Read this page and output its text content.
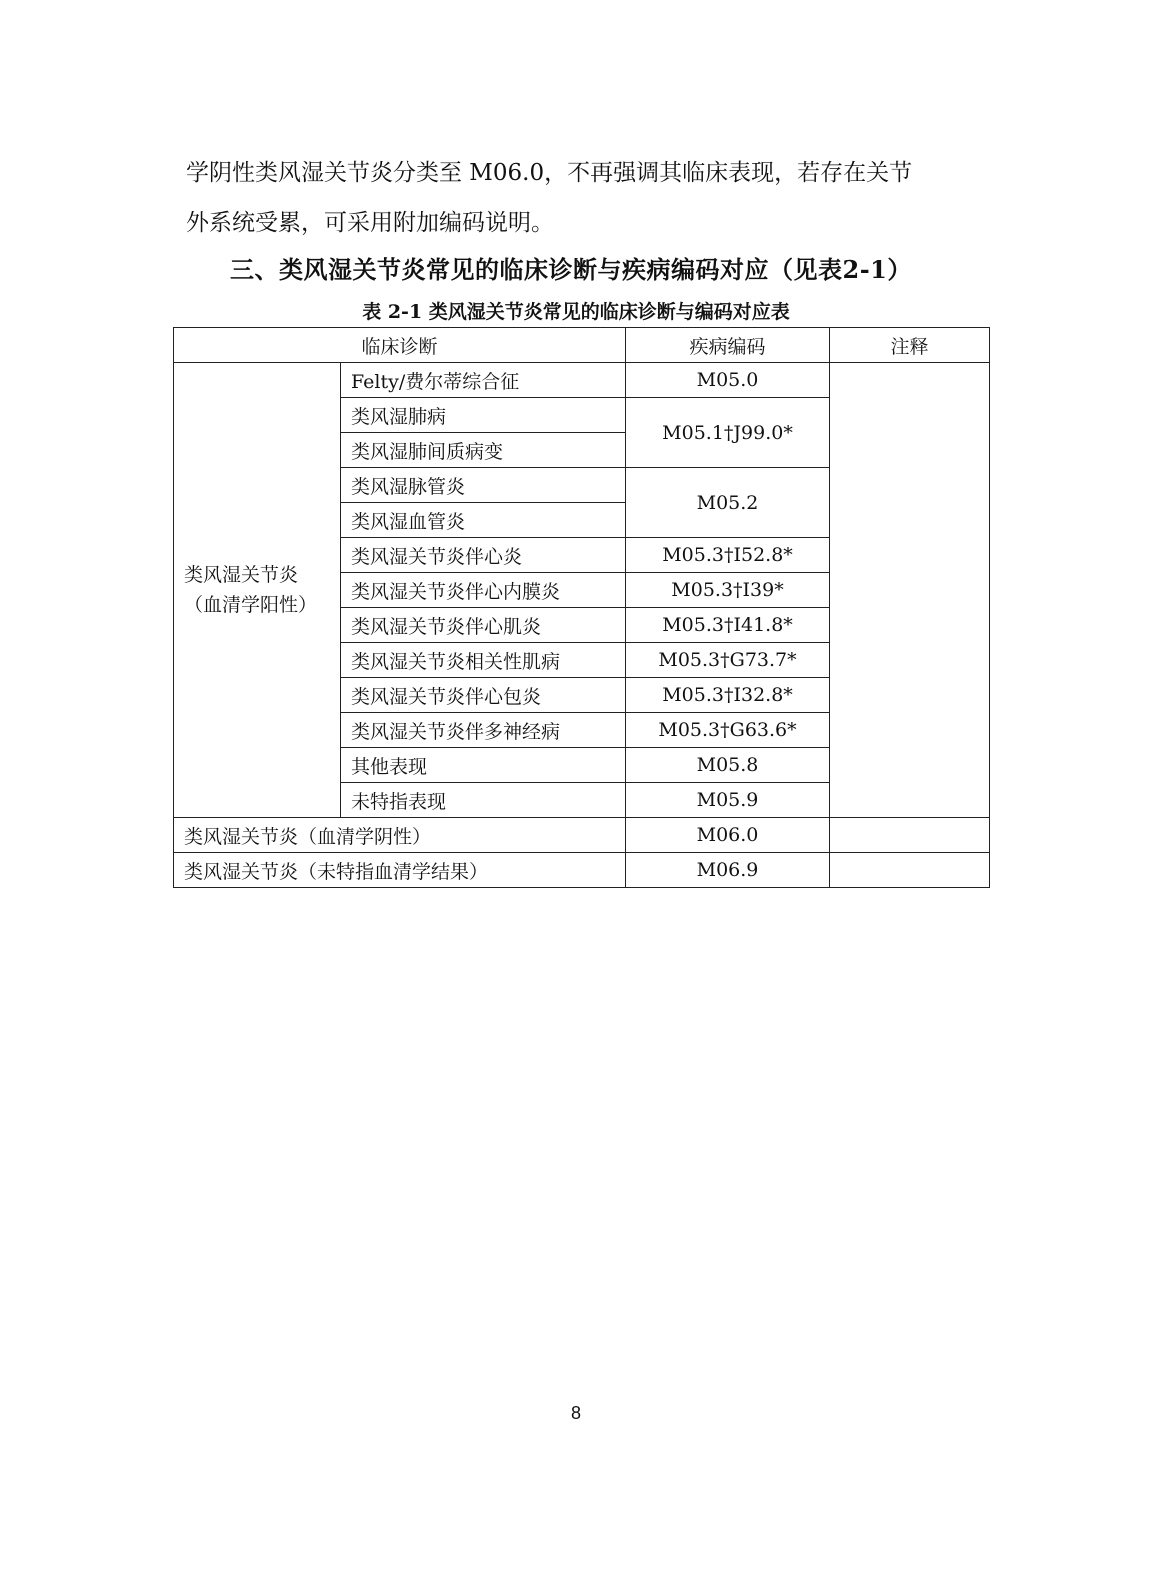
学阴性类风湿关节炎分类至 M06.0，不再强调其临床表现，若存在关节
外系统受累，可采用附加编码说明。

三、类风湿关节炎常见的临床诊断与疾病编码对应（见表2-1）
表 2-1 类风湿关节炎常见的临床诊断与编码对应表
临床诊断		疾病编码	注释
类风湿关节炎
（血清学阳性）	Felty/费尔蒂综合征	M05.0	
	类风湿肺病	M05.1†J99.0*	
	类风湿肺间质病变		
	类风湿脉管炎	M05.2	
	类风湿血管炎		
	类风湿关节炎伴心炎	M05.3†I52.8*	
	类风湿关节炎伴心内膜炎	M05.3†I39*	
	类风湿关节炎伴心肌炎	M05.3†I41.8*	
	类风湿关节炎相关性肌病	M05.3†G73.7*	
	类风湿关节炎伴心包炎	M05.3†I32.8*	
	类风湿关节炎伴多神经病	M05.3†G63.6*	
	其他表现	M05.8	
	未特指表现	M05.9	
类风湿关节炎（血清学阴性）		M06.0	
类风湿关节炎（未特指血清学结果）		M06.9	
8
